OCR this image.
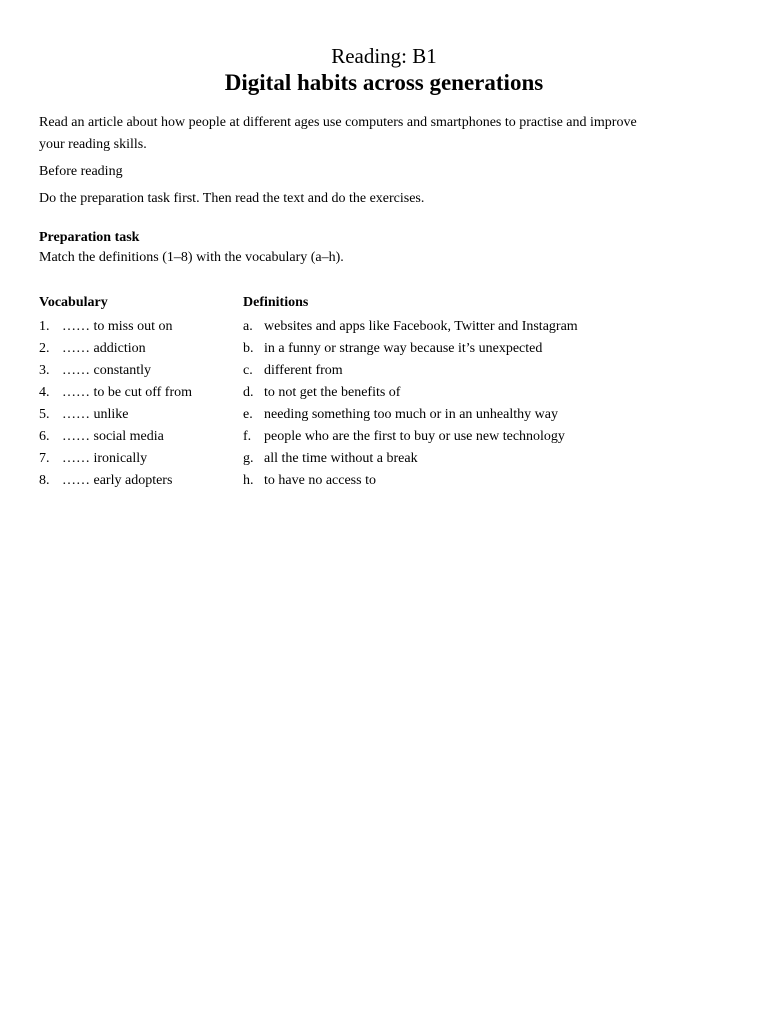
Reading: B1
Digital habits across generations
Read an article about how people at different ages use computers and smartphones to practise and improve your reading skills.
Before reading
Do the preparation task first. Then read the text and do the exercises.
Preparation task
Match the definitions (1–8) with the vocabulary (a–h).
Vocabulary	Definitions
1. …… to miss out on	a. websites and apps like Facebook, Twitter and Instagram
2. …… addiction	b. in a funny or strange way because it’s unexpected
3. …… constantly	c. different from
4. …… to be cut off from	d. to not get the benefits of
5. …… unlike	e. needing something too much or in an unhealthy way
6. …… social media	f. people who are the first to buy or use new technology
7. …… ironically	g. all the time without a break
8. …… early adopters	h. to have no access to
